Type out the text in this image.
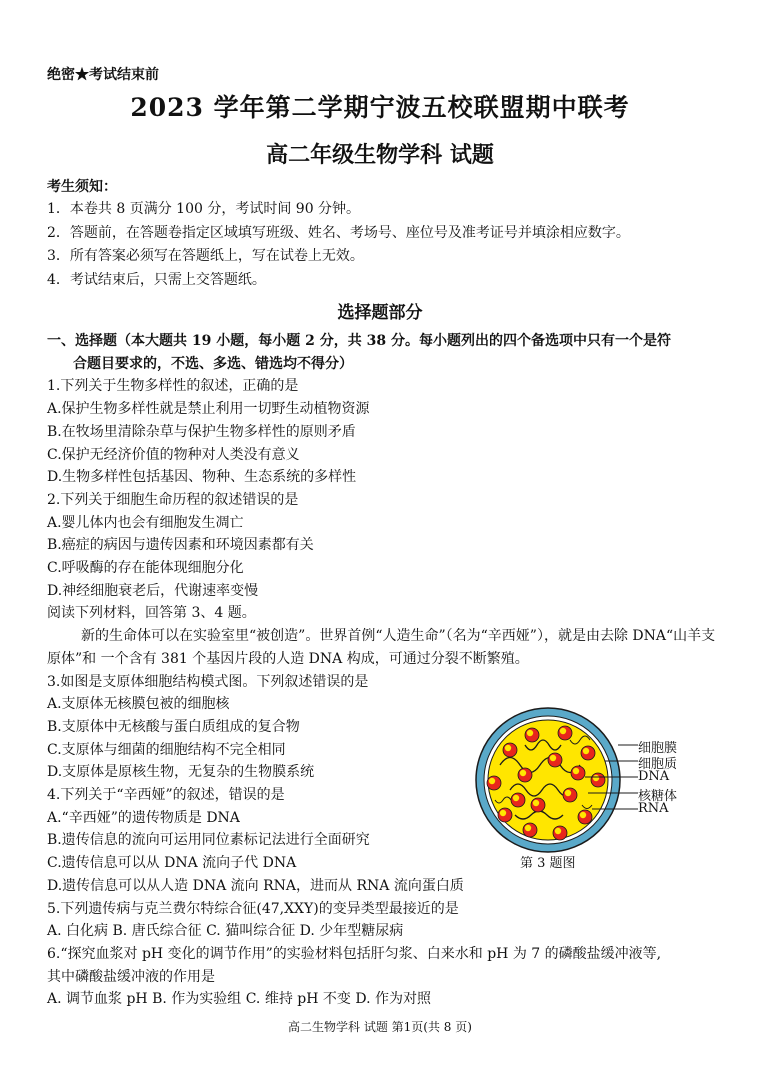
绝密★考试结束前
2023 学年第二学期宁波五校联盟期中联考
高二年级生物学科 试题
考生须知：
1．本卷共 8 页满分 100 分，考试时间 90 分钟。
2．答题前，在答题卷指定区域填写班级、姓名、考场号、座位号及准考证号并填涂相应数字。
3．所有答案必须写在答题纸上，写在试卷上无效。
4．考试结束后，只需上交答题纸。
选择题部分
一、选择题（本大题共 19 小题，每小题 2 分，共 38 分。每小题列出的四个备选项中只有一个是符
合题目要求的，不选、多选、错选均不得分）
1.下列关于生物多样性的叙述，正确的是
A.保护生物多样性就是禁止利用一切野生动植物资源
B.在牧场里清除杂草与保护生物多样性的原则矛盾
C.保护无经济价值的物种对人类没有意义
D.生物多样性包括基因、物种、生态系统的多样性
2.下列关于细胞生命历程的叙述错误的是
A.婴儿体内也会有细胞发生凋亡
B.癌症的病因与遗传因素和环境因素都有关
C.呼吸酶的存在能体现细胞分化
D.神经细胞衰老后，代谢速率变慢
阅读下列材料，回答第 3、4 题。
新的生命体可以在实验室里“被创造”。世界首例“人造生命”（名为“辛西娅”），就是由去除 DNA“山羊支原体”和 一个含有 381 个基因片段的人造 DNA 构成，可通过分裂不断繁殖。
3.如图是支原体细胞结构模式图。下列叙述错误的是
A.支原体无核膜包被的细胞核
B.支原体中无核酸与蛋白质组成的复合物
C.支原体与细菌的细胞结构不完全相同
D.支原体是原核生物，无复杂的生物膜系统
4.下列关于“辛西娅”的叙述，错误的是
A.“辛西娅”的遗传物质是 DNA
B.遗传信息的流向可运用同位素标记法进行全面研究
C.遗传信息可以从 DNA 流向子代 DNA
D.遗传信息可以从人造 DNA 流向 RNA，进而从 RNA 流向蛋白质
5.下列遗传病与克兰费尔特综合征(47,XXY)的变异类型最接近的是
A. 白化病 B. 唐氏综合征 C. 猫叫综合征 D. 少年型糖尿病
6.“探究血浆对 pH 变化的调节作用”的实验材料包括肝匀浆、白来水和 pH 为 7 的磷酸盐缓冲液等,
其中磷酸盐缓冲液的作用是
A. 调节血浆 pH B. 作为实验组 C. 维持 pH 不变 D. 作为对照
细胞膜
细胞质
DNA
核糖体
RNA
第 3 题图
高二生物学科 试题 第1页(共 8 页)
